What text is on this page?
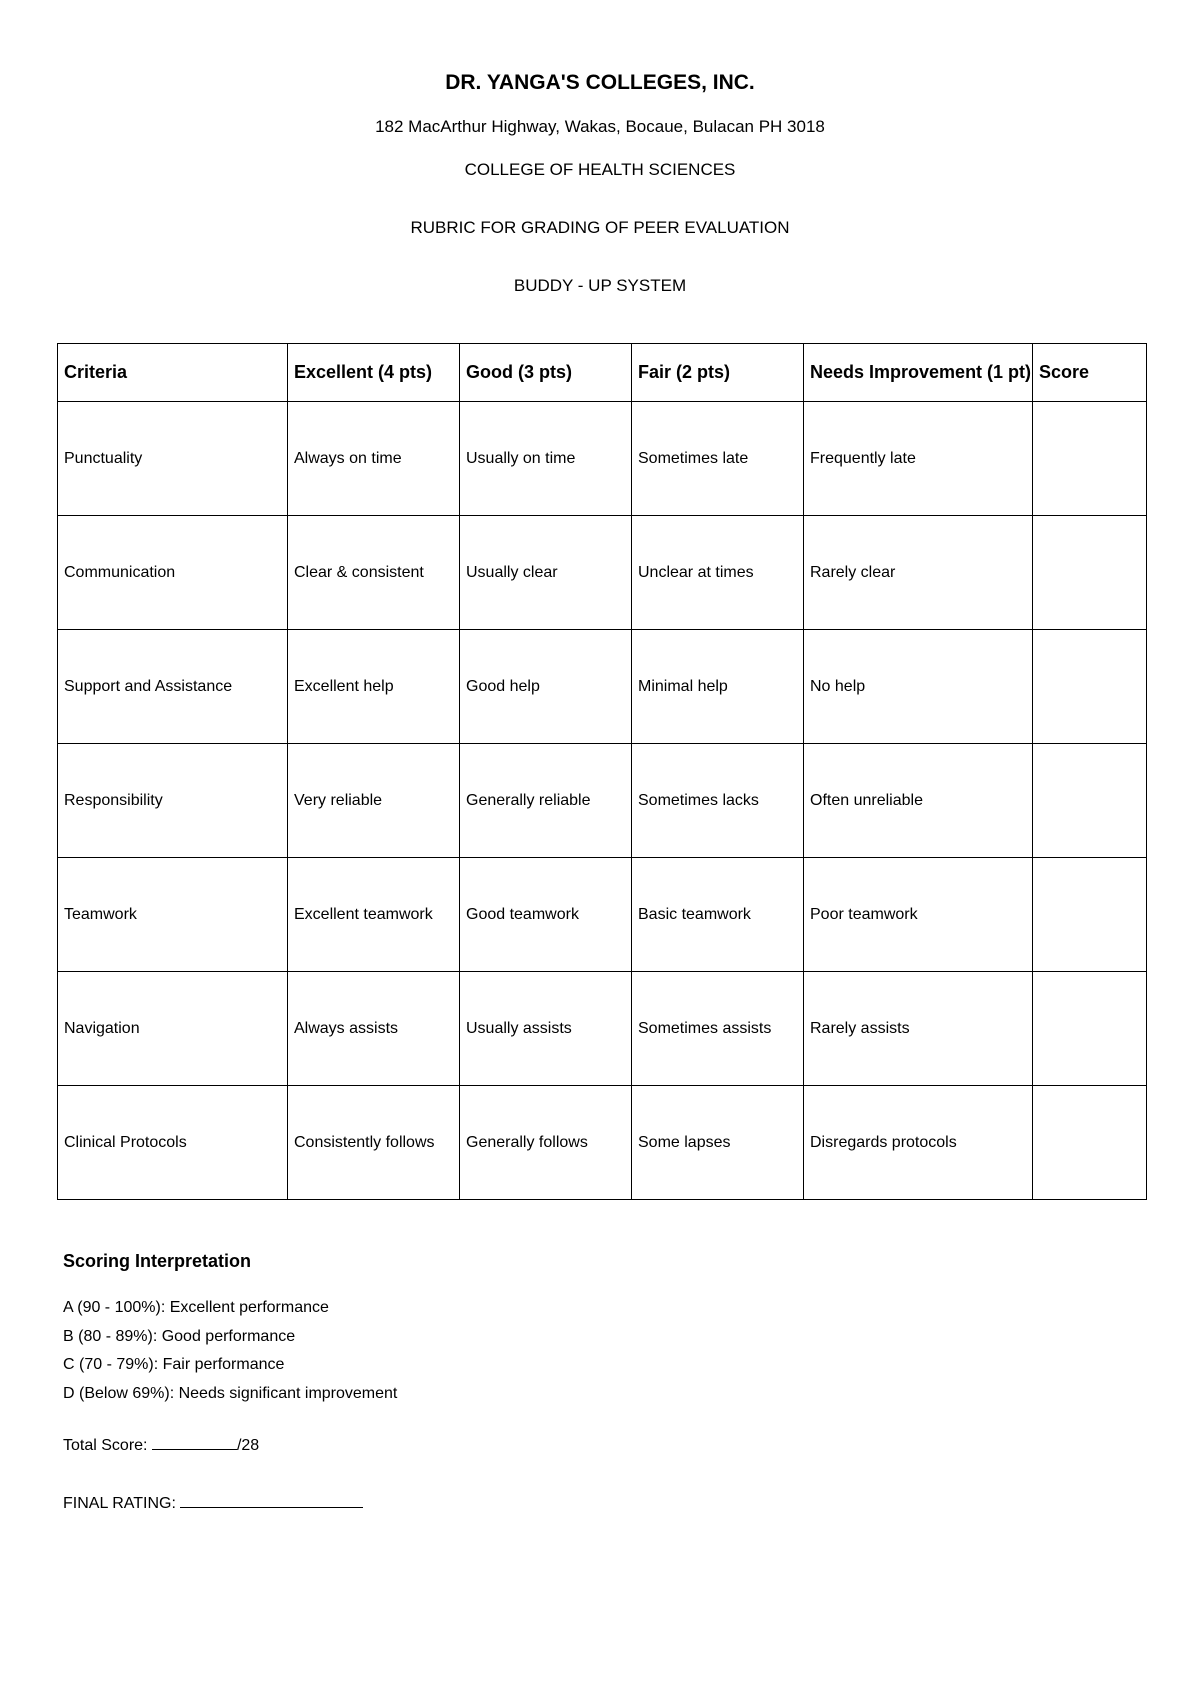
DR. YANGA'S COLLEGES, INC.
182 MacArthur Highway, Wakas, Bocaue, Bulacan PH 3018
COLLEGE OF HEALTH SCIENCES
RUBRIC FOR GRADING OF PEER EVALUATION
BUDDY - UP SYSTEM
Criteria	Excellent (4 pts)	Good (3 pts)	Fair (2 pts)	Needs Improvement (1 pt)	Score
Punctuality	Always on time	Usually on time	Sometimes late	Frequently late	
Communication	Clear & consistent	Usually clear	Unclear at times	Rarely clear	
Support and Assistance	Excellent help	Good help	Minimal help	No help	
Responsibility	Very reliable	Generally reliable	Sometimes lacks	Often unreliable	
Teamwork	Excellent teamwork	Good teamwork	Basic teamwork	Poor teamwork	
Navigation	Always assists	Usually assists	Sometimes assists	Rarely assists	
Clinical Protocols	Consistently follows	Generally follows	Some lapses	Disregards protocols	
Scoring Interpretation
A (90 - 100%): Excellent performance
B (80 - 89%): Good performance
C (70 - 79%): Fair performance
D (Below 69%): Needs significant improvement
Total Score:	/28
FINAL RATING:
